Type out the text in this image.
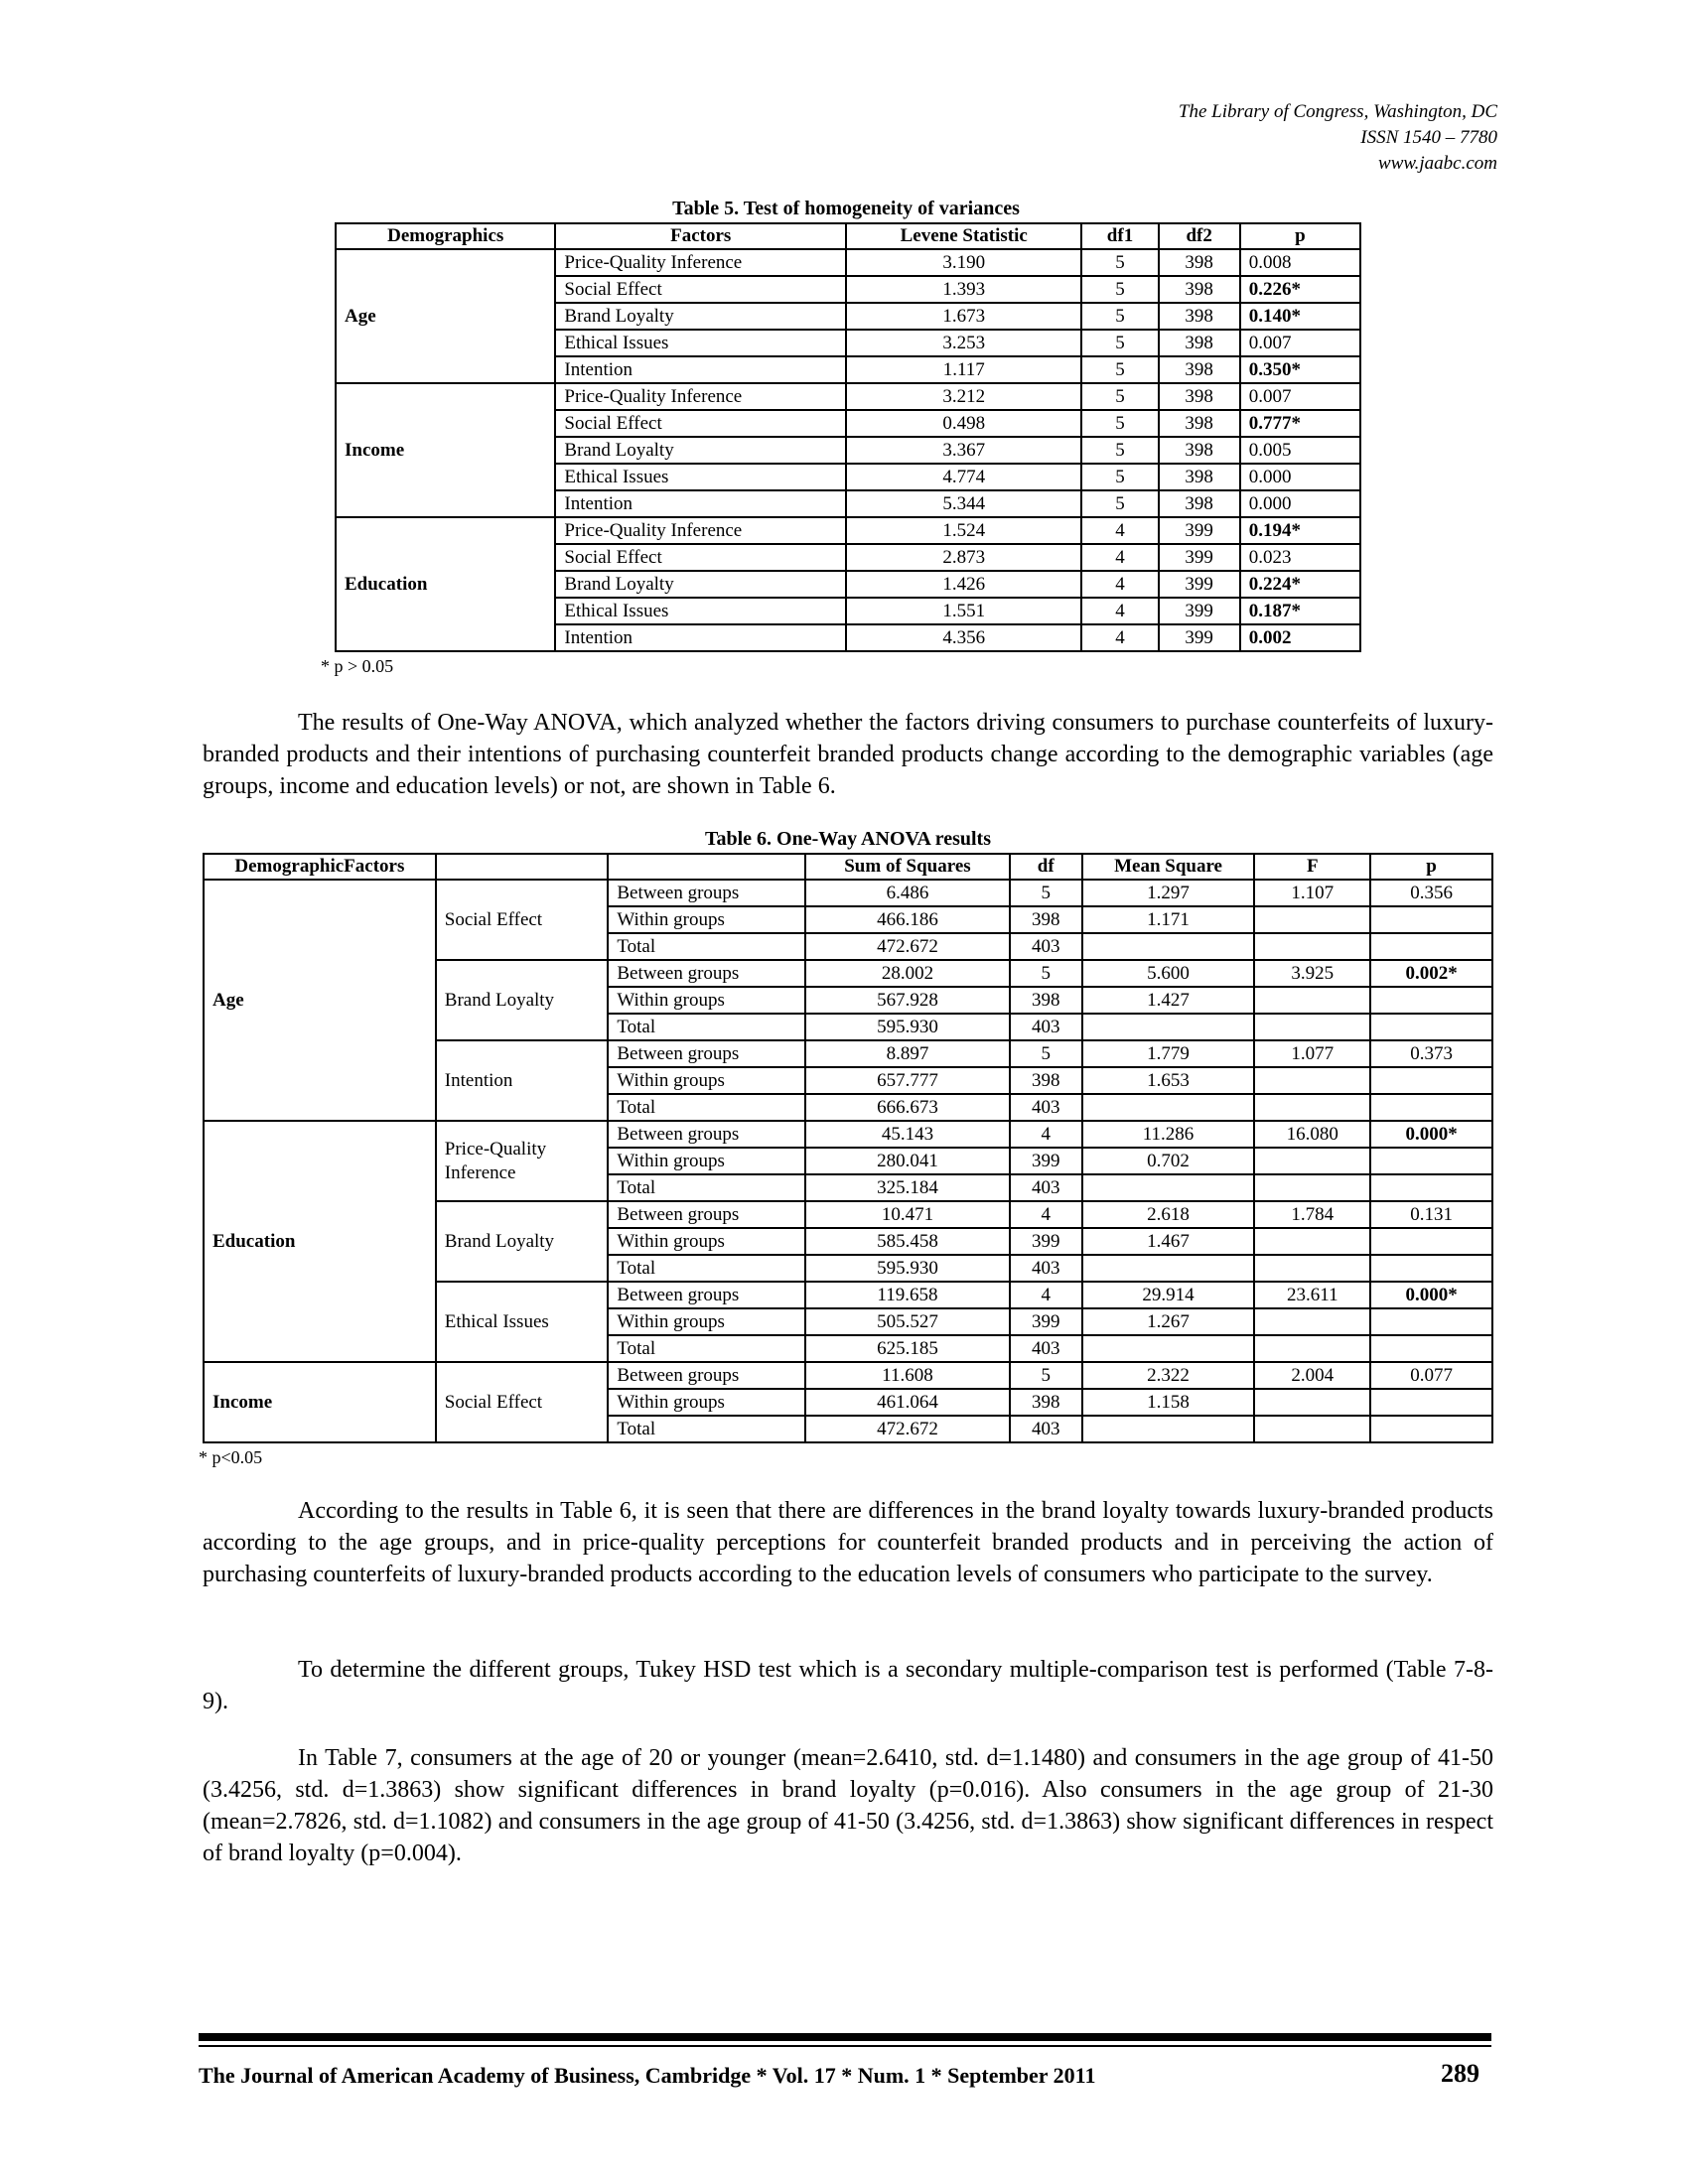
The Library of Congress, Washington, DC
ISSN 1540 – 7780
www.jaabc.com
Table 5. Test of homogeneity of variances
Demographics	Factors	Levene Statistic	df1	df2	p
Age	Price-Quality Inference	3.190	5	398	0.008
	Social Effect	1.393	5	398	0.226*
	Brand Loyalty	1.673	5	398	0.140*
	Ethical Issues	3.253	5	398	0.007
	Intention	1.117	5	398	0.350*
Income	Price-Quality Inference	3.212	5	398	0.007
	Social Effect	0.498	5	398	0.777*
	Brand Loyalty	3.367	5	398	0.005
	Ethical Issues	4.774	5	398	0.000
	Intention	5.344	5	398	0.000
Education	Price-Quality Inference	1.524	4	399	0.194*
	Social Effect	2.873	4	399	0.023
	Brand Loyalty	1.426	4	399	0.224*
	Ethical Issues	1.551	4	399	0.187*
	Intention	4.356	4	399	0.002
* p > 0.05
The results of One-Way ANOVA, which analyzed whether the factors driving consumers to purchase counterfeits of luxury-branded products and their intentions of purchasing counterfeit branded products change according to the demographic variables (age groups, income and education levels) or not, are shown in Table 6.
Table 6. One-Way ANOVA results
DemographicFactors			Sum of Squares	df	Mean Square	F	p
Age	Social Effect	Between groups	6.486	5	1.297	1.107	0.356
		Within groups	466.186	398	1.171		
		Total	472.672	403			
	Brand Loyalty	Between groups	28.002	5	5.600	3.925	0.002*
		Within groups	567.928	398	1.427		
		Total	595.930	403			
	Intention	Between groups	8.897	5	1.779	1.077	0.373
		Within groups	657.777	398	1.653		
		Total	666.673	403			
Education	Price-Quality Inference	Between groups	45.143	4	11.286	16.080	0.000*
		Within groups	280.041	399	0.702		
		Total	325.184	403			
	Brand Loyalty	Between groups	10.471	4	2.618	1.784	0.131
		Within groups	585.458	399	1.467		
		Total	595.930	403			
	Ethical Issues	Between groups	119.658	4	29.914	23.611	0.000*
		Within groups	505.527	399	1.267		
		Total	625.185	403			
Income	Social Effect	Between groups	11.608	5	2.322	2.004	0.077
		Within groups	461.064	398	1.158		
		Total	472.672	403			
* p<0.05
According to the results in Table 6, it is seen that there are differences in the brand loyalty towards luxury-branded products according to the age groups, and in price-quality perceptions for counterfeit branded products and in perceiving the action of purchasing counterfeits of luxury-branded products according to the education levels of consumers who participate to the survey.
To determine the different groups, Tukey HSD test which is a secondary multiple-comparison test is performed (Table 7-8-9).
In Table 7, consumers at the age of 20 or younger (mean=2.6410, std. d=1.1480) and consumers in the age group of 41-50 (3.4256, std. d=1.3863) show significant differences in brand loyalty (p=0.016). Also consumers in the age group of 21-30 (mean=2.7826, std. d=1.1082) and consumers in the age group of 41-50 (3.4256, std. d=1.3863) show significant differences in respect of brand loyalty (p=0.004).
The Journal of American Academy of Business, Cambridge * Vol. 17 * Num. 1 * September 2011	289
